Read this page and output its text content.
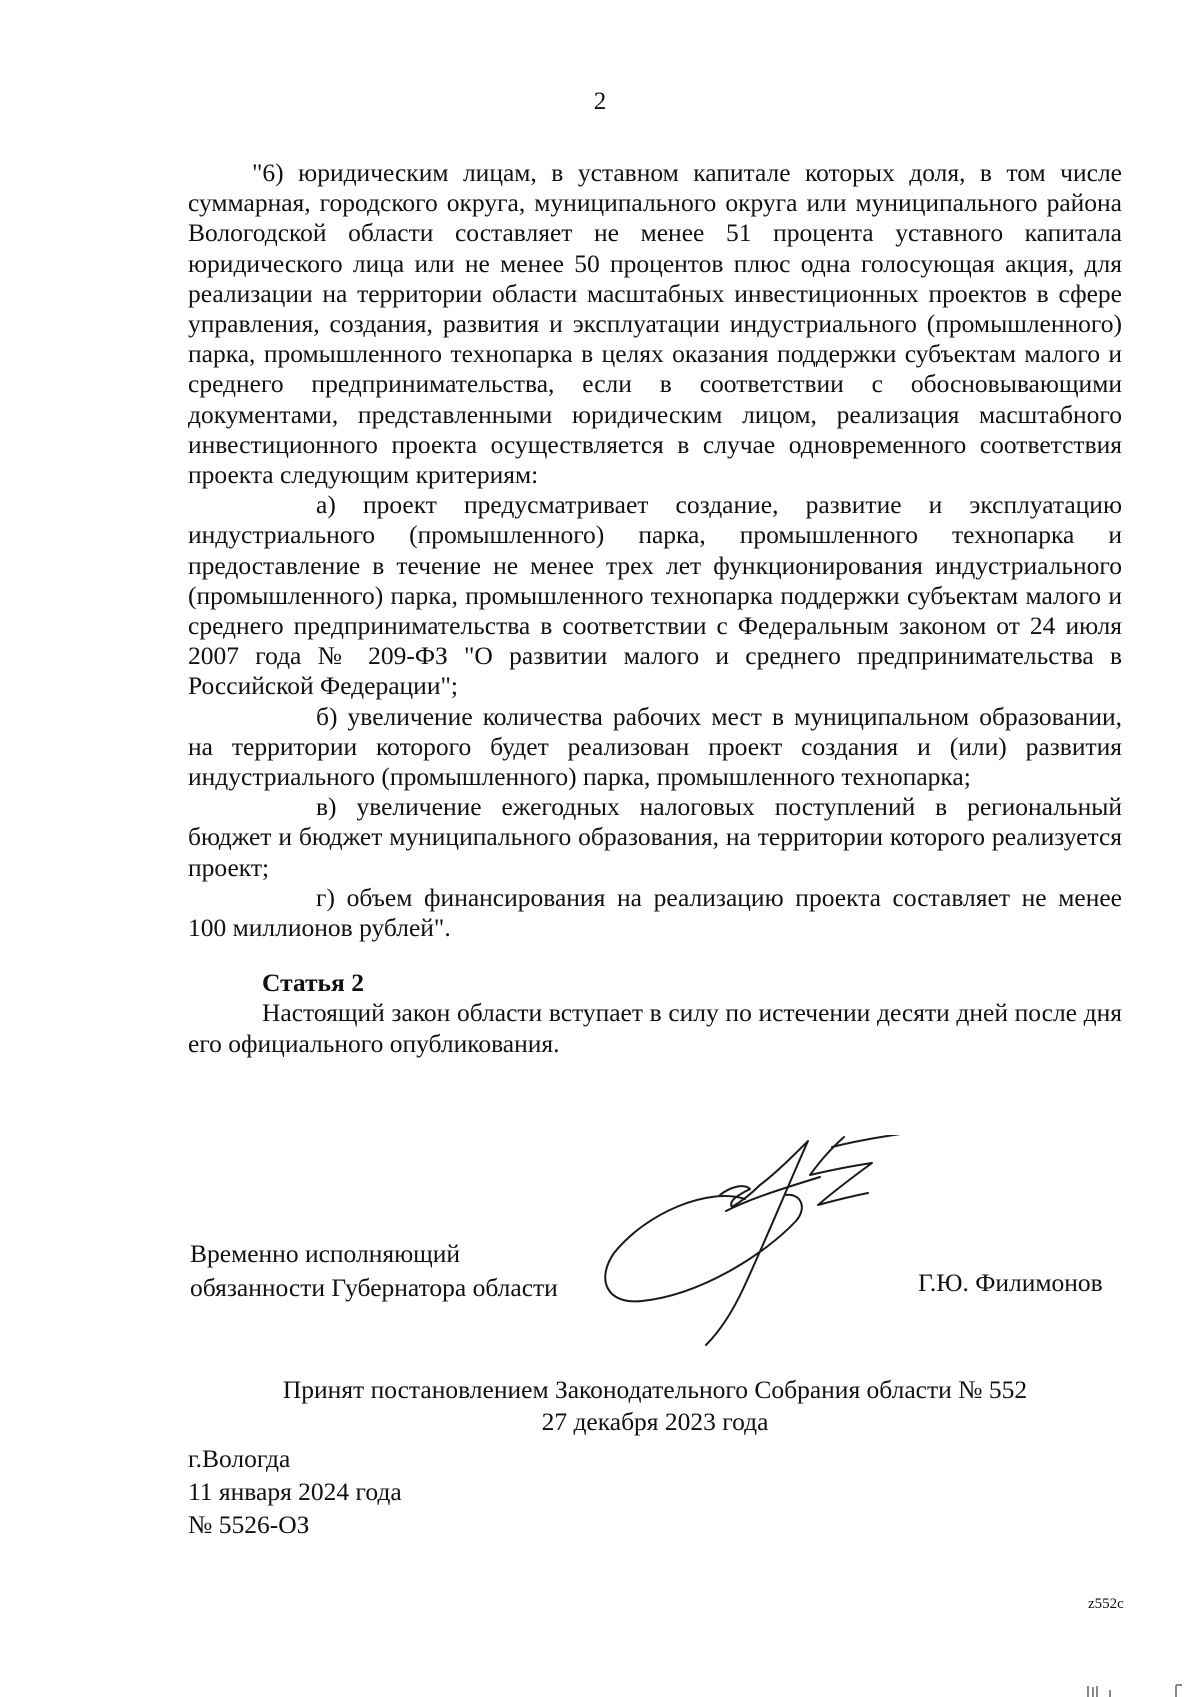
2

"6) юридическим лицам, в уставном капитале которых доля, в том числе суммарная, городского округа, муниципального округа или муниципального района Вологодской области составляет не менее 51 процента уставного капитала юридического лица или не менее 50 процентов плюс одна голосующая акция, для реализации на территории области масштабных инвестиционных проектов в сфере управления, создания, развития и эксплуатации индустриального (промышленного) парка, промышленного технопарка в целях оказания поддержки субъектам малого и среднего предпринимательства, если в соответствии с обосновывающими документами, представленными юридическим лицом, реализация масштабного инвестиционного проекта осуществляется в случае одновременного соответствия проекта следующим критериям:

а) проект предусматривает создание, развитие и эксплуатацию индустриального (промышленного) парка, промышленного технопарка и предоставление в течение не менее трех лет функционирования индустриального (промышленного) парка, промышленного технопарка поддержки субъектам малого и среднего предпринимательства в соответствии с Федеральным законом от 24 июля 2007 года № 209-ФЗ "О развитии малого и среднего предпринимательства в Российской Федерации";

б) увеличение количества рабочих мест в муниципальном образовании, на территории которого будет реализован проект создания и (или) развития индустриального (промышленного) парка, промышленного технопарка;

в) увеличение ежегодных налоговых поступлений в региональный бюджет и бюджет муниципального образования, на территории которого реализуется проект;

г) объем финансирования на реализацию проекта составляет не менее 100 миллионов рублей".

Статья 2

Настоящий закон области вступает в силу по истечении десяти дней после дня его официального опубликования.

Временно исполняющий
обязанности Губернатора области	Г.Ю. Филимонов
Принят постановлением Законодательного Собрания области № 552
27 декабря 2023 года
г.Вологда
11 января 2024 года
№ 5526-ОЗ
z552c
